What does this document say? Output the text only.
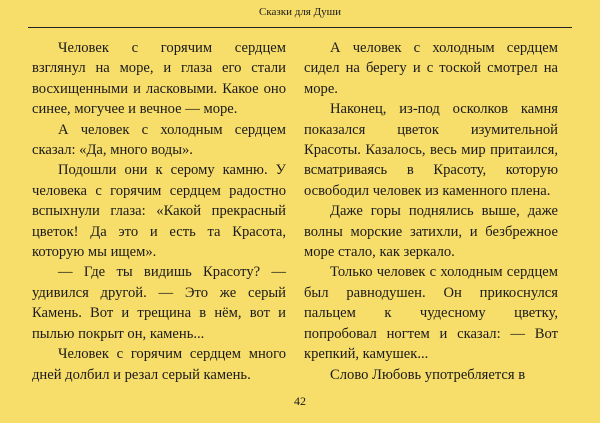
Сказки для Души

Человек с горячим сердцем взглянул на море, и глаза его стали восхищенными и ласковыми. Какое оно синее, могучее и вечное — море.

А человек с холодным сердцем сказал: «Да, много воды».

Подошли они к серому камню. У человека с горячим сердцем радостно вспыхнули глаза: «Какой прекрасный цветок! Да это и есть та Красота, которую мы ищем».

— Где ты видишь Красоту? — удивился другой. — Это же серый Камень. Вот и трещина в нём, вот и пылью покрыт он, камень...

Человек с горячим сердцем много дней долбил и резал серый камень.

А человек с холодным сердцем сидел на берегу и с тоской смотрел на море.

Наконец, из-под осколков камня показался цветок изумительной Красоты. Казалось, весь мир притаился, всматриваясь в Красоту, которую освободил человек из каменного плена.

Даже горы поднялись выше, даже волны морские затихли, и безбрежное море стало, как зеркало.

Только человек с холодным сердцем был равнодушен. Он прикоснулся пальцем к чудесному цветку, попробовал ногтем и сказал: — Вот крепкий, камушек...

Слово Любовь употребляется в

42
